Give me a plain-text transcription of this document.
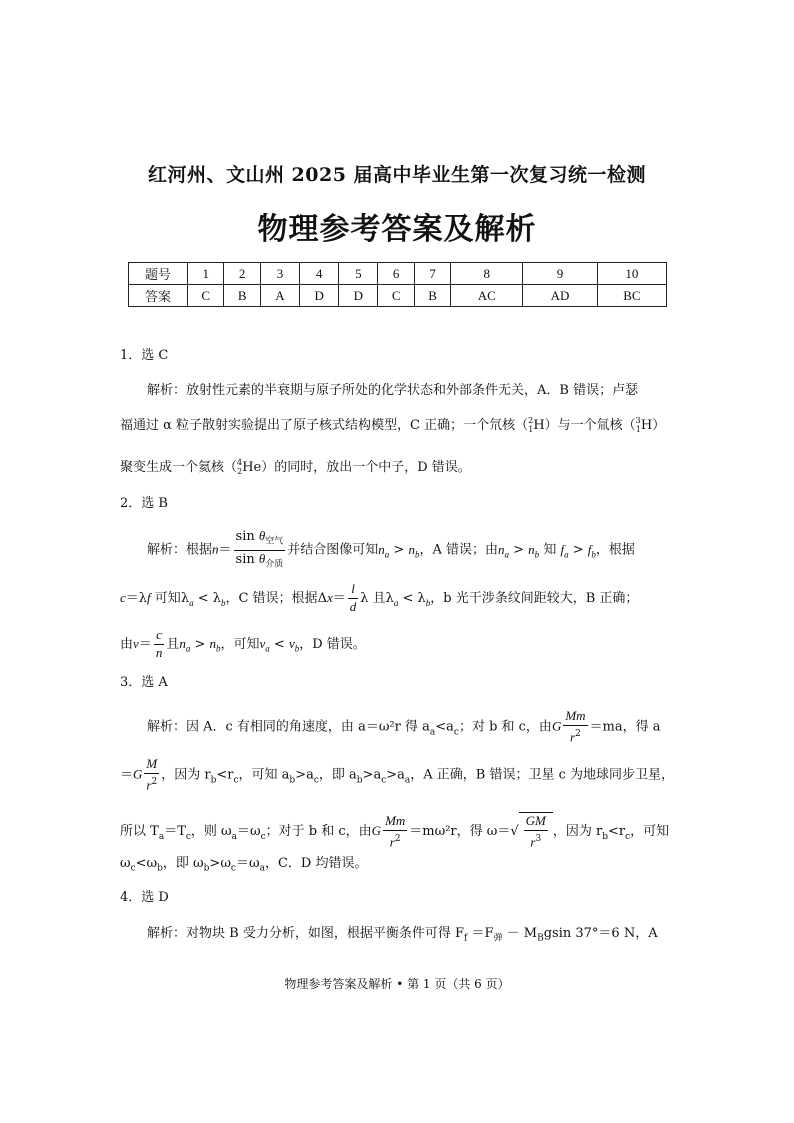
红河州、文山州 2025 届高中毕业生第一次复习统一检测
物理参考答案及解析
题号	1	2	3	4	5	6	7	8	9	10
答案	C	B	A	D	D	C	B	AC	AD	BC
1．选 C
解析：放射性元素的半衰期与原子所处的化学状态和外部条件无关，A．B 错误；卢瑟
福通过 α 粒子散射实验提出了原子核式结构模型，C 正确；一个氘核（$^2_1$H）与一个氚核（$^3_1$H）
聚变生成一个氦核（$^4_2$He）的同时，放出一个中子，D 错误。
2．选 B
解析：根据$n= \frac{\sin \theta_{空气}}{\sin \theta_{介质}}$ 并结合图像可知$n_a > n_b$，A 错误；由$n_a > n_b$ 知 $f_a > f_b$，根据
c＝λf 可知$\lambda_a < \lambda_b$，C 错误；根据$\Delta x= \frac{l}{d}$ λ 且$\lambda_a < \lambda_b$，b 光干涉条纹间距较大，B 正确；
由$v= \frac{c}{n}$ 且$n_a > n_b$，可知$v_a < v_b$，D 错误。
3．选 A
解析：因 A．c 有相同的角速度，由 a＝ω²r 得 $a_a<a_c$；对 b 和 c，由G $\frac{Mm}{r^2} =ma$，得 a
$=G \frac{M}{r^2}$ ，因为 $r_b<r_c$，可知 $a_b>a_c$，即 $a_b>a_c>a_a$，A 正确，B 错误；卫星 c 为地球同步卫星，
所以 $T_a=T_c$，则 $\omega_a=\omega_c$；对于 b 和 c，由G $\frac{Mm}{r^2} =m\omega^2r$，得 $\omega=√ \frac{GM}{r^3}$ ，因为 $r_b<r_c$，可知
$\omega_c<\omega_b$，即 $\omega_b>\omega_c=\omega_a$，C．D 均错误。
4．选 D
解析：对物块 B 受力分析，如图，根据平衡条件可得 $F_f =F_弹 - M_Bgsin$ 37°＝6 N，A
物理参考答案及解析 • 第 1 页（共 6 页）
